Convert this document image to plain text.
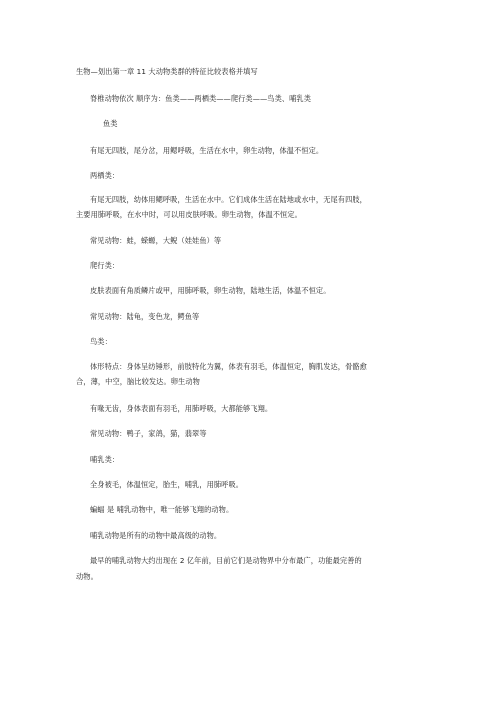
生物—划出第一章 11 大动物类群的特征比较表格并填写
脊椎动物依次 顺序为：鱼类——两栖类——爬行类——鸟类、哺乳类
鱼类
有尾无四肢，尾分岔，用鳃呼吸，生活在水中，卵生动物，体温不恒定。
两栖类：
有尾无四肢，幼体用鳃呼吸，生活在水中。它们成体生活在陆地或水中，无尾有四肢，
主要用肺呼吸，在水中时，可以用皮肤呼吸。卵生动物，体温不恒定。
常见动物：蛙，蝾螈，大鲵（娃娃鱼）等
爬行类：
皮肤表面有角质鳞片或甲，用肺呼吸，卵生动物，陆地生活，体温不恒定。
常见动物：陆龟，变色龙，鳄鱼等
鸟类：
体形特点：身体呈纺锤形，前肢特化为翼，体表有羽毛，体温恒定，胸肌发达，骨骼愈
合，薄，中空，脑比较发达。卵生动物
有喙无齿，身体表面有羽毛，用肺呼吸，大都能够飞翔。
常见动物：鸭子，家鸽，猫，翡翠等
哺乳类：
全身被毛，体温恒定，胎生，哺乳，用肺呼吸。
蝙蝠 是 哺乳动物中，唯一能够飞翔的动物。
哺乳动物是所有的动物中最高级的动物。
最早的哺乳动物大约出现在 2 亿年前，目前它们是动物界中分布最广，功能最完善的
动物。
